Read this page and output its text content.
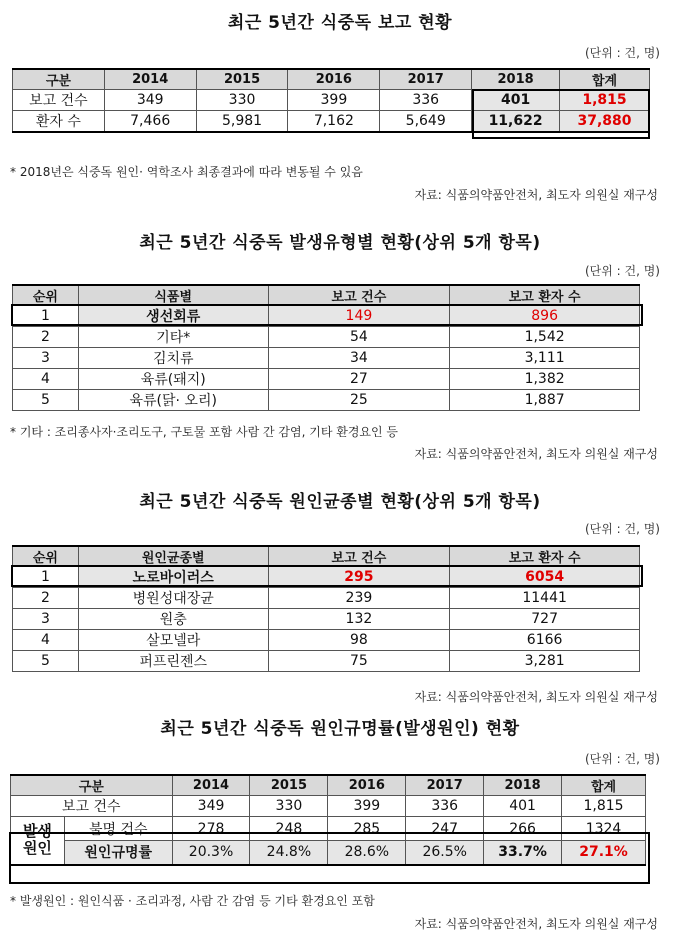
최근 5년간 식중독 보고 현황
(단위 : 건, 명)
구분	2014	2015	2016	2017	2018	합계
보고 건수	349	330	399	336	401	1,815
환자 수	7,466	5,981	7,162	5,649	11,622	37,880
* 2018년은 식중독 원인· 역학조사 최종결과에 따라 변동될 수 있음
자료: 식품의약품안전처, 최도자 의원실 재구성
최근 5년간 식중독 발생유형별 현황(상위 5개 항목)
(단위 : 건, 명)
순위	식품별	보고 건수	보고 환자 수
1	생선회류	149	896
2	기타*	54	1,542
3	김치류	34	3,111
4	육류(돼지)	27	1,382
5	육류(닭· 오리)	25	1,887
* 기타 : 조리종사자·조리도구, 구토물 포함 사람 간 감염, 기타 환경요인 등
자료: 식품의약품안전처, 최도자 의원실 재구성
최근 5년간 식중독 원인균종별 현황(상위 5개 항목)
(단위 : 건, 명)
순위	원인균종별	보고 건수	보고 환자 수
1	노로바이러스	295	6054
2	병원성대장균	239	11441
3	원충	132	727
4	살모넬라	98	6166
5	퍼프린젠스	75	3,281
자료: 식품의약품안전처, 최도자 의원실 재구성
최근 5년간 식중독 원인규명률(발생원인) 현황
(단위 : 건, 명)
구분		2014	2015	2016	2017	2018	합계
보고 건수		349	330	399	336	401	1,815

발생
원인	불명 건수	278	248	285	247	266	1324
	원인규명률	20.3%	24.8%	28.6%	26.5%	33.7%	27.1%
* 발생원인 : 원인식품 · 조리과정, 사람 간 감염 등 기타 환경요인 포함
자료: 식품의약품안전처, 최도자 의원실 재구성
